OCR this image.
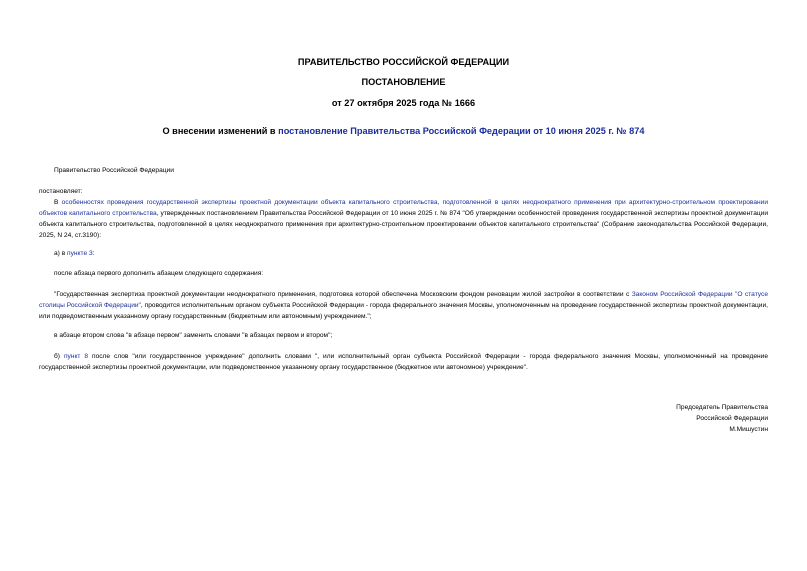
ПРАВИТЕЛЬСТВО РОССИЙСКОЙ ФЕДЕРАЦИИ
ПОСТАНОВЛЕНИЕ
от 27 октября 2025 года № 1666
О внесении изменений в постановление Правительства Российской Федерации от 10 июня 2025 г. № 874
Правительство Российской Федерации
постановляет:
В особенностях проведения государственной экспертизы проектной документации объекта капитального строительства, подготовленной в целях неоднократного применения при архитектурно-строительном проектировании объектов капитального строительства, утвержденных постановлением Правительства Российской Федерации от 10 июня 2025 г. № 874 "Об утверждении особенностей проведения государственной экспертизы проектной документации объекта капитального строительства, подготовленной в целях неоднократного применения при архитектурно-строительном проектировании объектов капитального строительства" (Собрание законодательства Российской Федерации, 2025, N 24, ст.3190):
а) в пункте 3:
после абзаца первого дополнить абзацем следующего содержания:
"Государственная экспертиза проектной документации неоднократного применения, подготовка которой обеспечена Московским фондом реновации жилой застройки в соответствии с Законом Российской Федерации "О статусе столицы Российской Федерации", проводится исполнительным органом субъекта Российской Федерации - города федерального значения Москвы, уполномоченным на проведение государственной экспертизы проектной документации, или подведомственным указанному органу государственным (бюджетным или автономным) учреждением.";
в абзаце втором слова "в абзаце первом" заменить словами "в абзацах первом и втором";
б) пункт 8 после слов "или государственное учреждение" дополнить словами ", или исполнительный орган субъекта Российской Федерации - города федерального значения Москвы, уполномоченный на проведение государственной экспертизы проектной документации, или подведомственное указанному органу государственное (бюджетное или автономное) учреждение".
Председатель Правительства
Российской Федерации
М.Мишустин
